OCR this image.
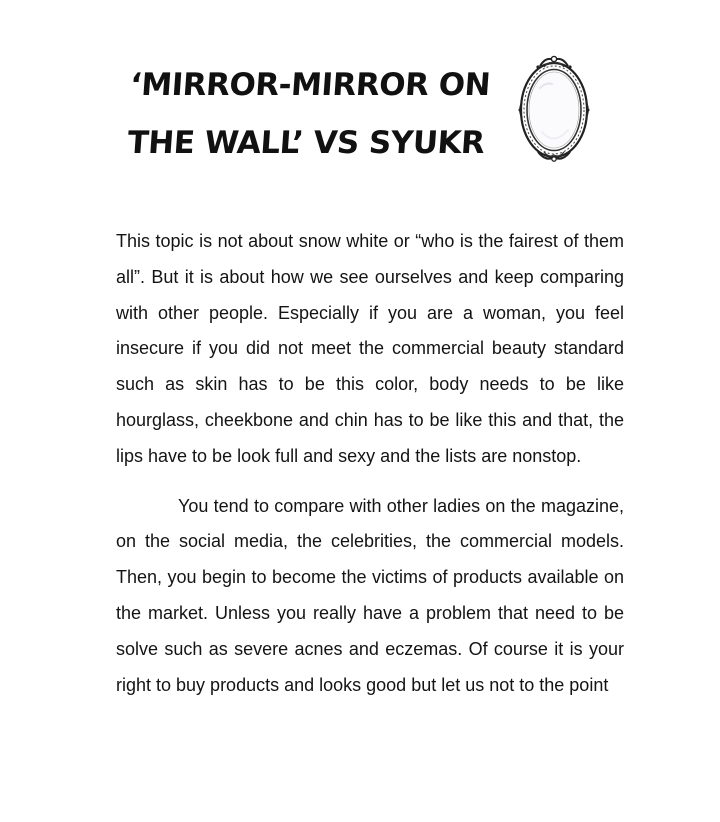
‘MIRROR-MIRROR ON
THE WALL’ VS SYUKR

This topic is not about snow white or “who is the fairest of them all”. But it is about how we see ourselves and keep comparing with other people. Especially if you are a woman, you feel insecure if you did not meet the commercial beauty standard such as skin has to be this color, body needs to be like hourglass, cheekbone and chin has to be like this and that, the lips have to be look full and sexy and the lists are nonstop.

You tend to compare with other ladies on the magazine, on the social media, the celebrities, the commercial models. Then, you begin to become the victims of products available on the market. Unless you really have a problem that need to be solve such as severe acnes and eczemas. Of course it is your right to buy products and looks good but let us not to the point
